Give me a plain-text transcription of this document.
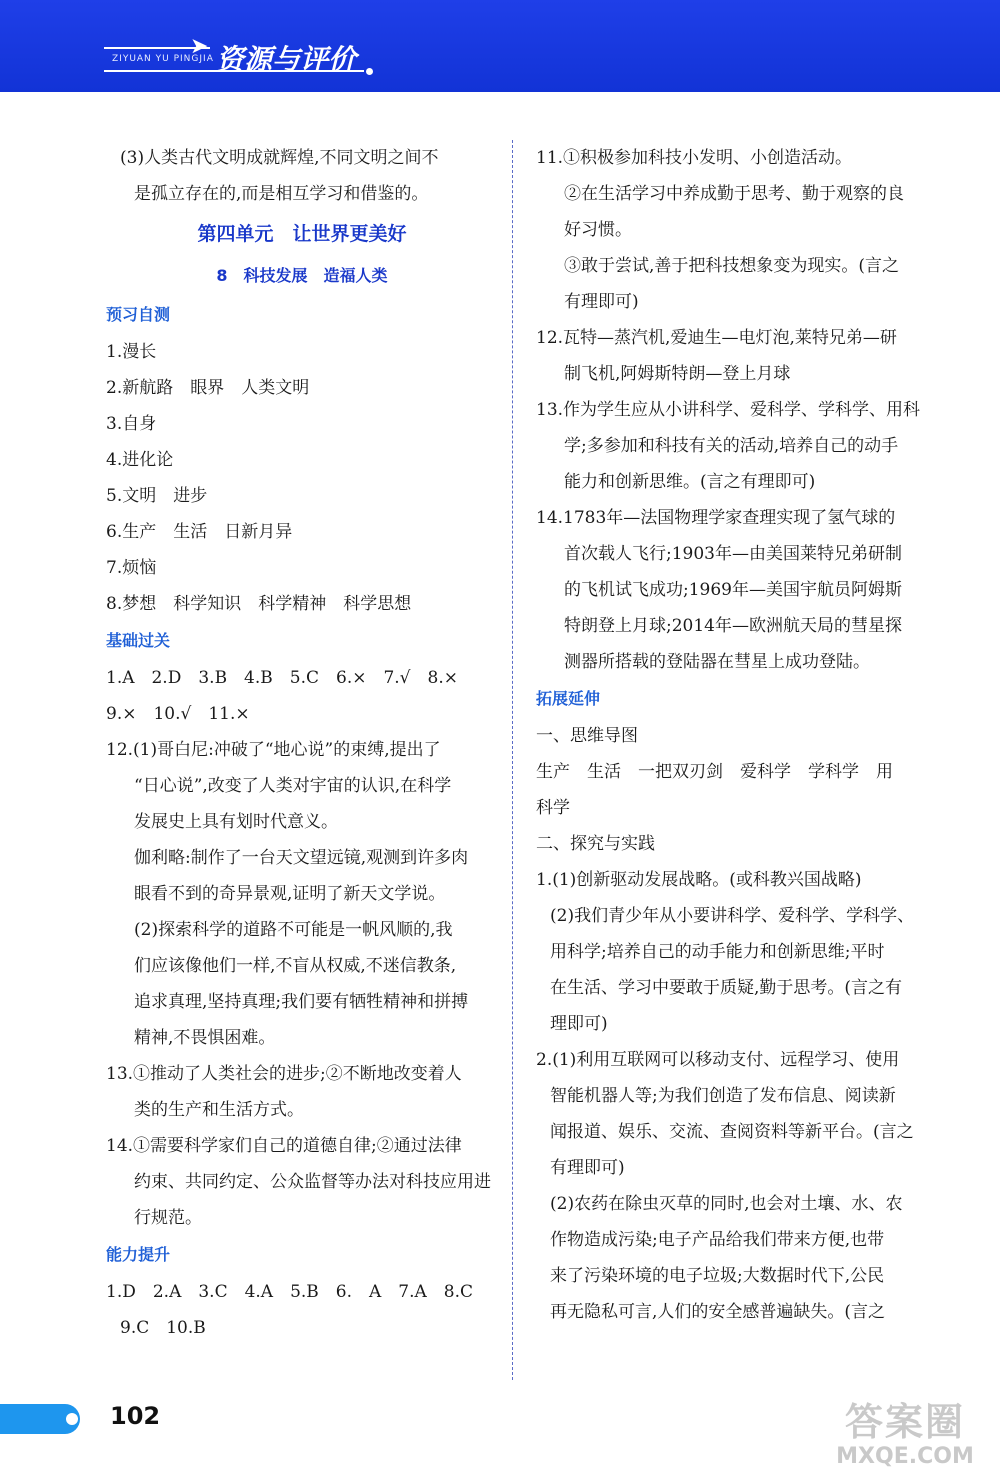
ZIYUAN YU PINGJIA
➤ 资源与评价
(3)人类古代文明成就辉煌,不同文明之间不
是孤立存在的,而是相互学习和借鉴的。
第四单元　让世界更美好
8　科技发展　造福人类
预习自测
1.漫长
2.新航路　眼界　人类文明
3.自身
4.进化论
5.文明　进步
6.生产　生活　日新月异
7.烦恼
8.梦想　科学知识　科学精神　科学思想
基础过关
1.A　2.D　3.B　4.B　5.C　6.×　7.√　8.×
9.×　10.√　11.×
12.(1)哥白尼:冲破了“地心说”的束缚,提出了
“日心说”,改变了人类对宇宙的认识,在科学
发展史上具有划时代意义。
伽利略:制作了一台天文望远镜,观测到许多肉
眼看不到的奇异景观,证明了新天文学说。
(2)探索科学的道路不可能是一帆风顺的,我
们应该像他们一样,不盲从权威,不迷信教条,
追求真理,坚持真理;我们要有牺牲精神和拼搏
精神,不畏惧困难。
13.①推动了人类社会的进步;②不断地改变着人
类的生产和生活方式。
14.①需要科学家们自己的道德自律;②通过法律
约束、共同约定、公众监督等办法对科技应用进
行规范。
能力提升
1.D　2.A　3.C　4.A　5.B　6.　A　7.A　8.C
9.C　10.B
11.①积极参加科技小发明、小创造活动。
②在生活学习中养成勤于思考、勤于观察的良
好习惯。
③敢于尝试,善于把科技想象变为现实。(言之
有理即可)
12.瓦特—蒸汽机,爱迪生—电灯泡,莱特兄弟—研
制飞机,阿姆斯特朗—登上月球
13.作为学生应从小讲科学、爱科学、学科学、用科
学;多参加和科技有关的活动,培养自己的动手
能力和创新思维。(言之有理即可)
14.1783年—法国物理学家查理实现了氢气球的
首次载人飞行;1903年—由美国莱特兄弟研制
的飞机试飞成功;1969年—美国宇航员阿姆斯
特朗登上月球;2014年—欧洲航天局的彗星探
测器所搭载的登陆器在彗星上成功登陆。
拓展延伸
一、思维导图
生产　生活　一把双刃剑　爱科学　学科学　用
科学
二、探究与实践
1.(1)创新驱动发展战略。(或科教兴国战略)
(2)我们青少年从小要讲科学、爱科学、学科学、
用科学;培养自己的动手能力和创新思维;平时
在生活、学习中要敢于质疑,勤于思考。(言之有
理即可)
2.(1)利用互联网可以移动支付、远程学习、使用
智能机器人等;为我们创造了发布信息、阅读新
闻报道、娱乐、交流、查阅资料等新平台。(言之
有理即可)
(2)农药在除虫灭草的同时,也会对土壤、水、农
作物造成污染;电子产品给我们带来方便,也带
来了污染环境的电子垃圾;大数据时代下,公民
再无隐私可言,人们的安全感普遍缺失。(言之
102	答案圈
MXQE.COM
